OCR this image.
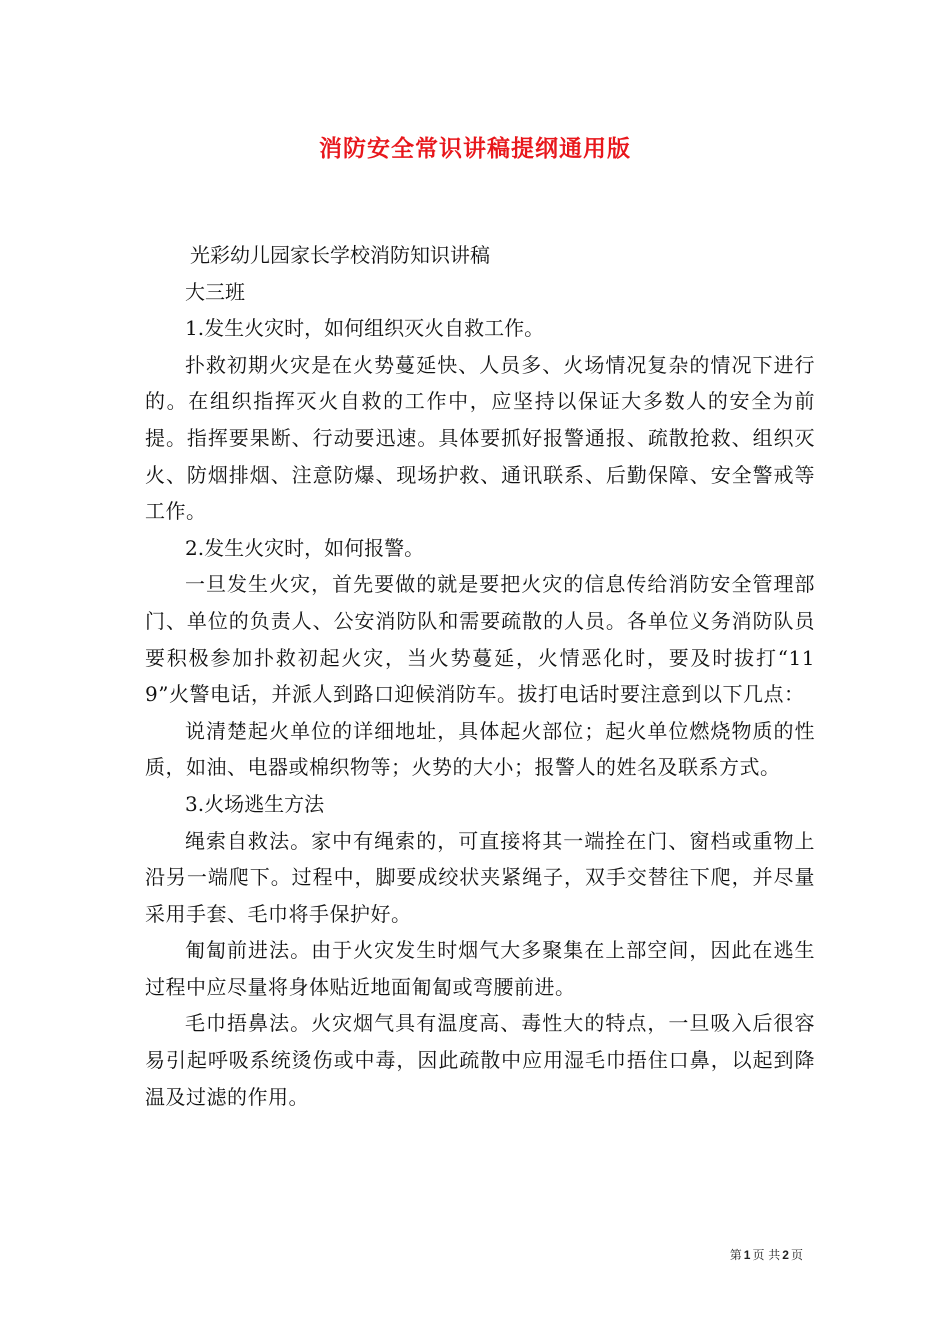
消防安全常识讲稿提纲通用版

光彩幼儿园家长学校消防知识讲稿

大三班

1.发生火灾时，如何组织灭火自救工作。

扑救初期火灾是在火势蔓延快、人员多、火场情况复杂的情况下进行的。在组织指挥灭火自救的工作中，应坚持以保证大多数人的安全为前提。指挥要果断、行动要迅速。具体要抓好报警通报、疏散抢救、组织灭火、防烟排烟、注意防爆、现场护救、通讯联系、后勤保障、安全警戒等工作。

2.发生火灾时，如何报警。

一旦发生火灾，首先要做的就是要把火灾的信息传给消防安全管理部门、单位的负责人、公安消防队和需要疏散的人员。各单位义务消防队员要积极参加扑救初起火灾，当火势蔓延，火情恶化时，要及时拔打“119”火警电话，并派人到路口迎候消防车。拔打电话时要注意到以下几点：

说清楚起火单位的详细地址，具体起火部位；起火单位燃烧物质的性质，如油、电器或棉织物等；火势的大小；报警人的姓名及联系方式。

3.火场逃生方法

绳索自救法。家中有绳索的，可直接将其一端拴在门、窗档或重物上沿另一端爬下。过程中，脚要成绞状夹紧绳子，双手交替往下爬，并尽量采用手套、毛巾将手保护好。

匍匐前进法。由于火灾发生时烟气大多聚集在上部空间，因此在逃生过程中应尽量将身体贴近地面匍匐或弯腰前进。

毛巾捂鼻法。火灾烟气具有温度高、毒性大的特点，一旦吸入后很容易引起呼吸系统烫伤或中毒，因此疏散中应用湿毛巾捂住口鼻，以起到降温及过滤的作用。

第 1 页 共 2 页
